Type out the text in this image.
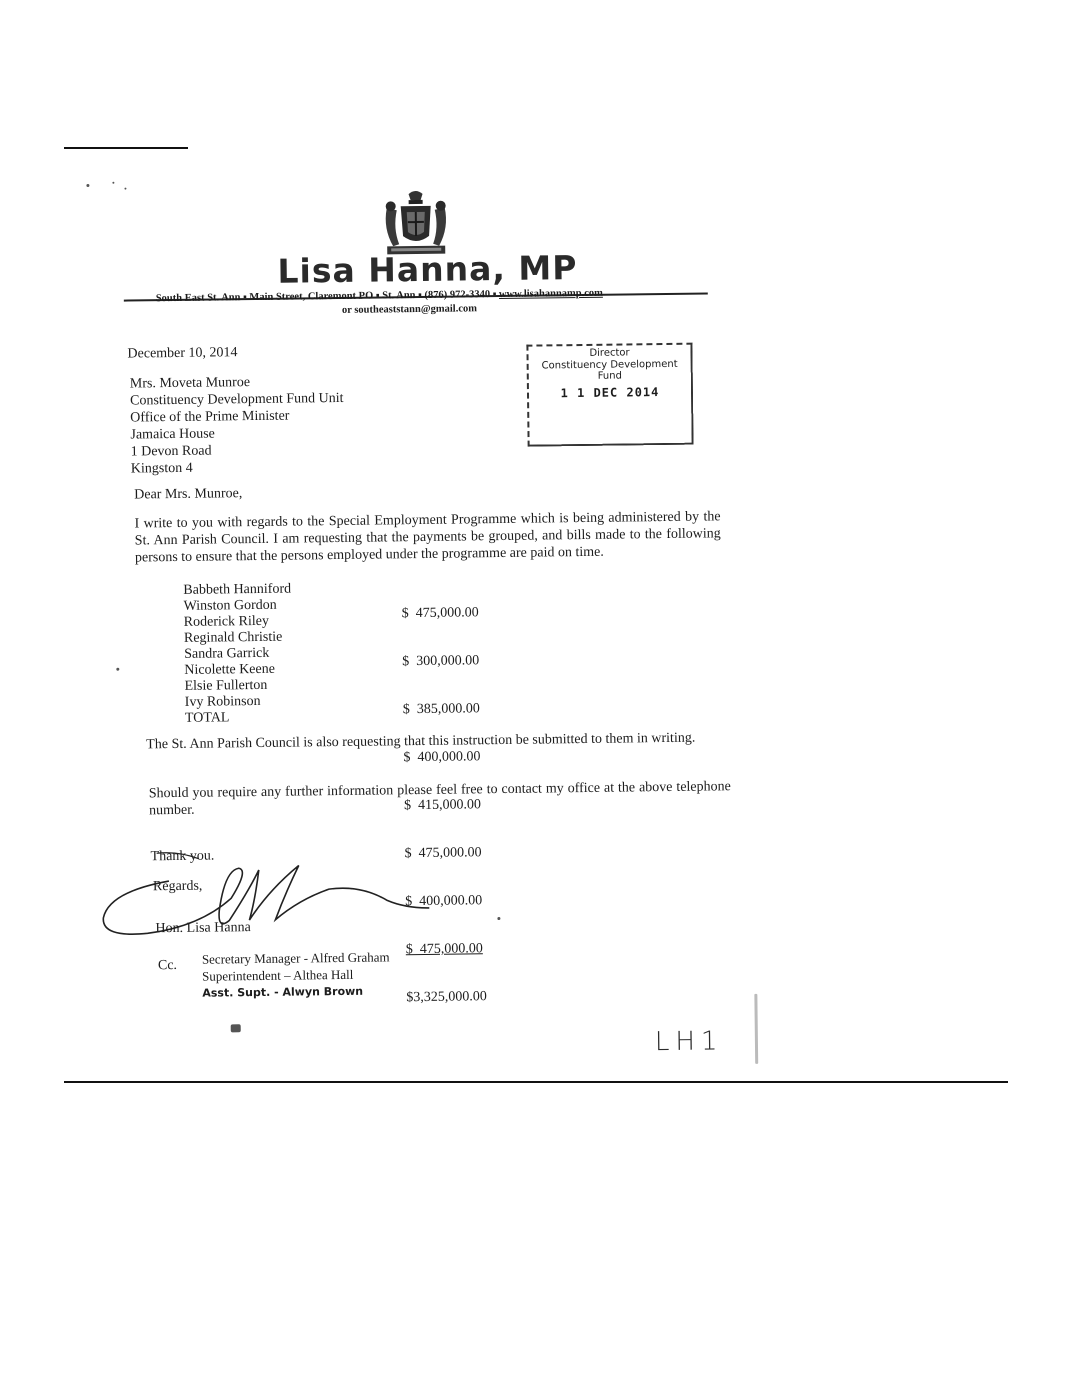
Lisa Hanna, MP
South East St. Ann ▪ Main Street, Claremont PO ▪ St. Ann ▪ (876) 972-3340 ▪ www.lisahannamp.com
or southeaststann@gmail.com
December 10, 2014
Mrs. Moveta Munroe
Constituency Development Fund Unit
Office of the Prime Minister
Jamaica House
1 Devon Road
Kingston 4
Director
Constituency Development Fund
1 1 DEC 2014
Dear Mrs. Munroe,
I write to you with regards to the Special Employment Programme which is being administered by the St. Ann Parish Council. I am requesting that the payments be grouped, and bills made to the following persons to ensure that the persons employed under the programme are paid on time.
Babbeth Hanniford
Winston Gordon
Roderick Riley
Reginald Christie
Sandra Garrick
Nicolette Keene
Elsie Fullerton
Ivy Robinson
TOTAL

$  475,000.00

$  300,000.00

$  385,000.00

$  400,000.00

$  415,000.00

$  475,000.00

$  400,000.00

$  475,000.00

$3,325,000.00

The St. Ann Parish Council is also requesting that this instruction be submitted to them in writing.
Should you require any further information please feel free to contact my office at the above telephone number.
Thank you.
Regards,
Hon. Lisa Hanna
Cc. Secretary Manager - Alfred Graham
Superintendent – Althea Hall
Asst. Supt. - Alwyn Brown
LH1
